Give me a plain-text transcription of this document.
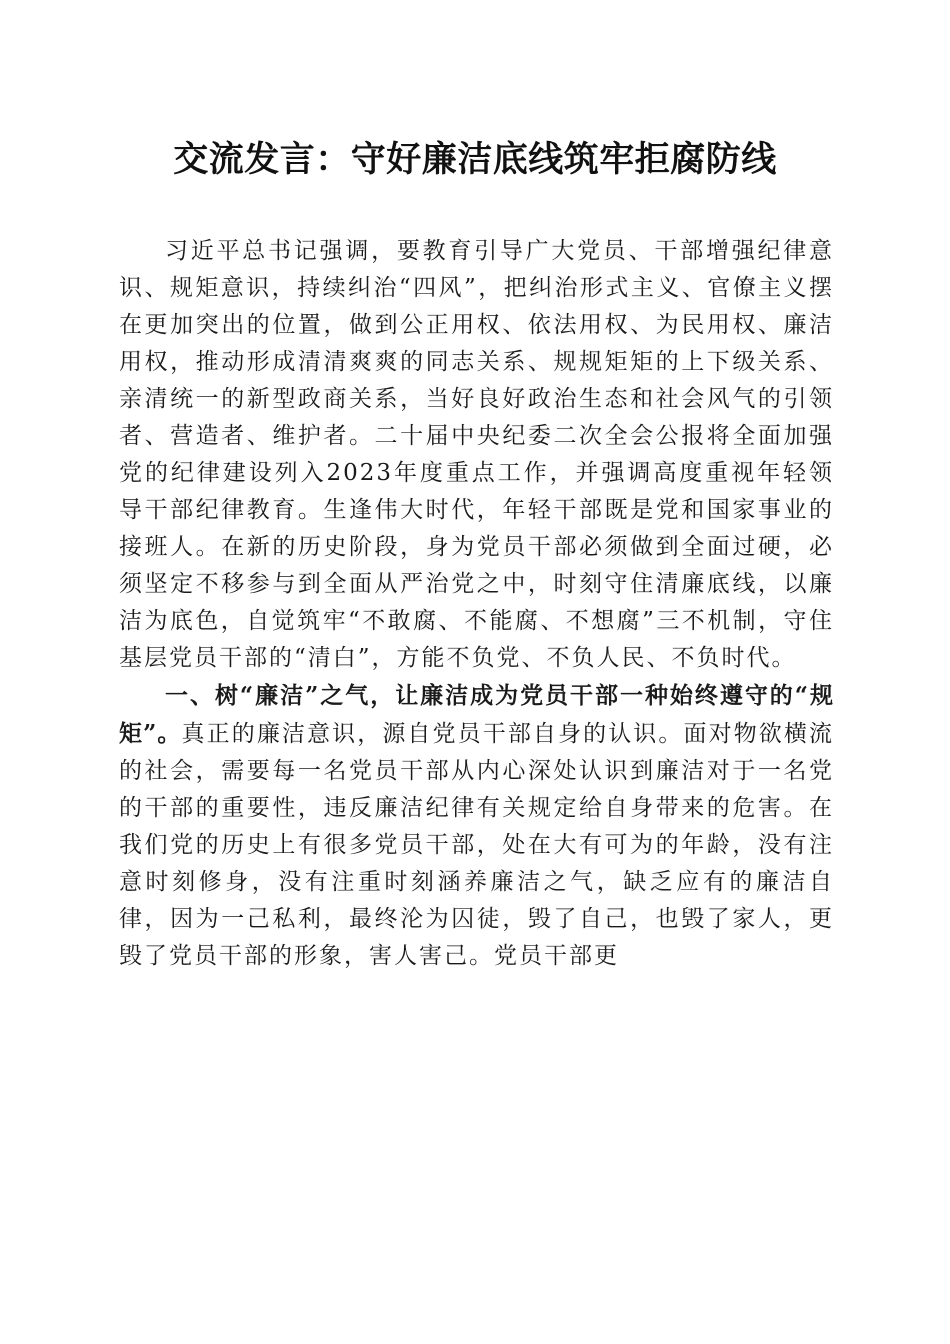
交流发言：守好廉洁底线筑牢拒腐防线

习近平总书记强调，要教育引导广大党员、干部增强纪律意识、规矩意识，持续纠治“四风”，把纠治形式主义、官僚主义摆在更加突出的位置，做到公正用权、依法用权、为民用权、廉洁用权，推动形成清清爽爽的同志关系、规规矩矩的上下级关系、亲清统一的新型政商关系，当好良好政治生态和社会风气的引领者、营造者、维护者。二十届中央纪委二次全会公报将全面加强党的纪律建设列入2023年度重点工作，并强调高度重视年轻领导干部纪律教育。生逢伟大时代，年轻干部既是党和国家事业的接班人。在新的历史阶段，身为党员干部必须做到全面过硬，必须坚定不移参与到全面从严治党之中，时刻守住清廉底线，以廉洁为底色，自觉筑牢“不敢腐、不能腐、不想腐”三不机制，守住基层党员干部的“清白”，方能不负党、不负人民、不负时代。

一、树“廉洁”之气，让廉洁成为党员干部一种始终遵守的“规矩”。真正的廉洁意识，源自党员干部自身的认识。面对物欲横流的社会，需要每一名党员干部从内心深处认识到廉洁对于一名党的干部的重要性，违反廉洁纪律有关规定给自身带来的危害。在我们党的历史上有很多党员干部，处在大有可为的年龄，没有注意时刻修身，没有注重时刻涵养廉洁之气，缺乏应有的廉洁自律，因为一己私利，最终沦为囚徒，毁了自己，也毁了家人，更毁了党员干部的形象，害人害己。党员干部更
